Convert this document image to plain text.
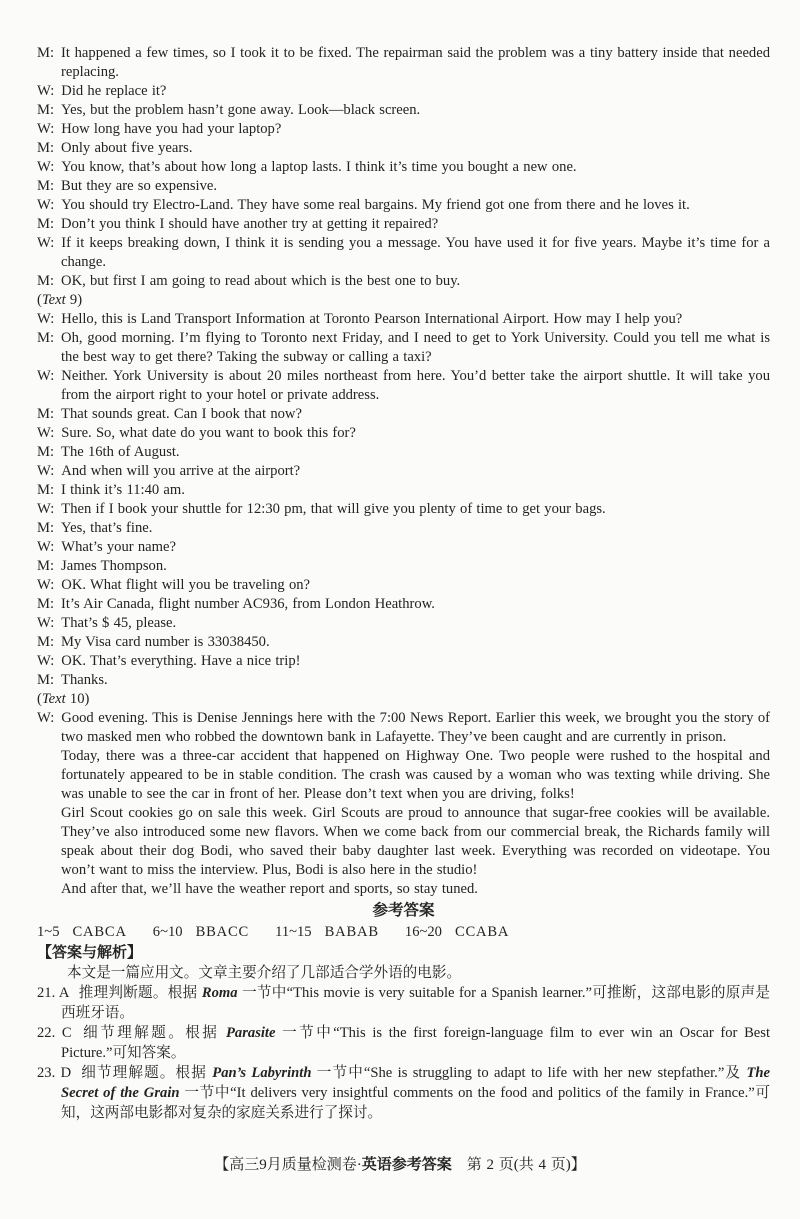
M: It happened a few times, so I took it to be fixed. The repairman said the problem was a tiny battery inside that needed replacing.
W: Did he replace it?
M: Yes, but the problem hasn’t gone away. Look—black screen.
W: How long have you had your laptop?
M: Only about five years.
W: You know, that’s about how long a laptop lasts. I think it’s time you bought a new one.
M: But they are so expensive.
W: You should try Electro-Land. They have some real bargains. My friend got one from there and he loves it.
M: Don’t you think I should have another try at getting it repaired?
W: If it keeps breaking down, I think it is sending you a message. You have used it for five years. Maybe it’s time for a change.
M: OK, but first I am going to read about which is the best one to buy.
(Text 9)
W: Hello, this is Land Transport Information at Toronto Pearson International Airport. How may I help you?
M: Oh, good morning. I’m flying to Toronto next Friday, and I need to get to York University. Could you tell me what is the best way to get there? Taking the subway or calling a taxi?
W: Neither. York University is about 20 miles northeast from here. You’d better take the airport shuttle. It will take you from the airport right to your hotel or private address.
M: That sounds great. Can I book that now?
W: Sure. So, what date do you want to book this for?
M: The 16th of August.
W: And when will you arrive at the airport?
M: I think it’s 11:40 am.
W: Then if I book your shuttle for 12:30 pm, that will give you plenty of time to get your bags.
M: Yes, that’s fine.
W: What’s your name?
M: James Thompson.
W: OK. What flight will you be traveling on?
M: It’s Air Canada, flight number AC936, from London Heathrow.
W: That’s $ 45, please.
M: My Visa card number is 33038450.
W: OK. That’s everything. Have a nice trip!
M: Thanks.
(Text 10)
W: Good evening. This is Denise Jennings here with the 7:00 News Report. Earlier this week, we brought you the story of two masked men who robbed the downtown bank in Lafayette. They’ve been caught and are currently in prison.
Today, there was a three-car accident that happened on Highway One. Two people were rushed to the hospital and fortunately appeared to be in stable condition. The crash was caused by a woman who was texting while driving. She was unable to see the car in front of her. Please don’t text when you are driving, folks!
Girl Scout cookies go on sale this week. Girl Scouts are proud to announce that sugar-free cookies will be available. They’ve also introduced some new flavors. When we come back from our commercial break, the Richards family will speak about their dog Bodi, who saved their baby daughter last week. Everything was recorded on videotape. You won’t want to miss the interview. Plus, Bodi is also here in the studio!
And after that, we’ll have the weather report and sports, so stay tuned.
参考答案
1~5 CABCA 6~10 BBACC 11~15 BABAB 16~20 CCABA
【答案与解析】
本文是一篇应用文。文章主要介绍了几部适合学外语的电影。
21. A 推理判断题。根据 Roma 一节中“This movie is very suitable for a Spanish learner.”可推断，这部电影的原声是西班牙语。
22. C 细节理解题。根据 Parasite 一节中“This is the first foreign-language film to ever win an Oscar for Best Picture.”可知答案。
23. D 细节理解题。根据 Pan’s Labyrinth 一节中“She is struggling to adapt to life with her new stepfather.”及 The Secret of the Grain 一节中“It delivers very insightful comments on the food and politics of the family in France.”可知，这两部电影都对复杂的家庭关系进行了探讨。
【高三9月质量检测卷·英语参考答案　第 2 页(共 4 页)】
